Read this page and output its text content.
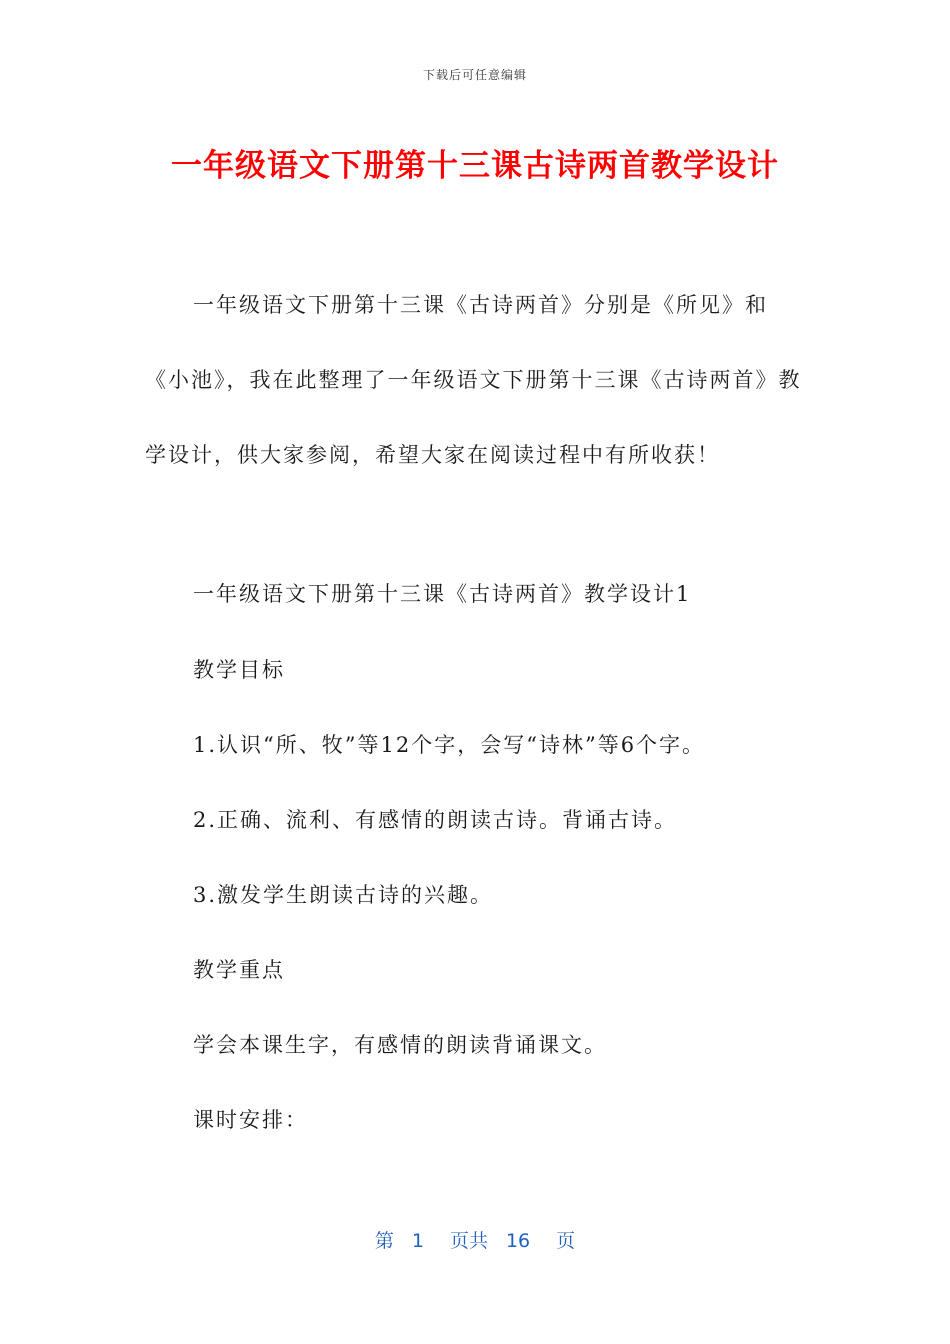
下载后可任意编辑
一年级语文下册第十三课古诗两首教学设计

一年级语文下册第十三课《古诗两首》分别是《所见》和《小池》，我在此整理了一年级语文下册第十三课《古诗两首》教学设计，供大家参阅，希望大家在阅读过程中有所收获！

一年级语文下册第十三课《古诗两首》教学设计1

教学目标

1.认识“所、牧”等12个字，会写“诗林”等6个字。

2.正确、流利、有感情的朗读古诗。背诵古诗。

3.激发学生朗读古诗的兴趣。

教学重点

学会本课生字，有感情的朗读背诵课文。

课时安排：

第 1 页共 16 页
